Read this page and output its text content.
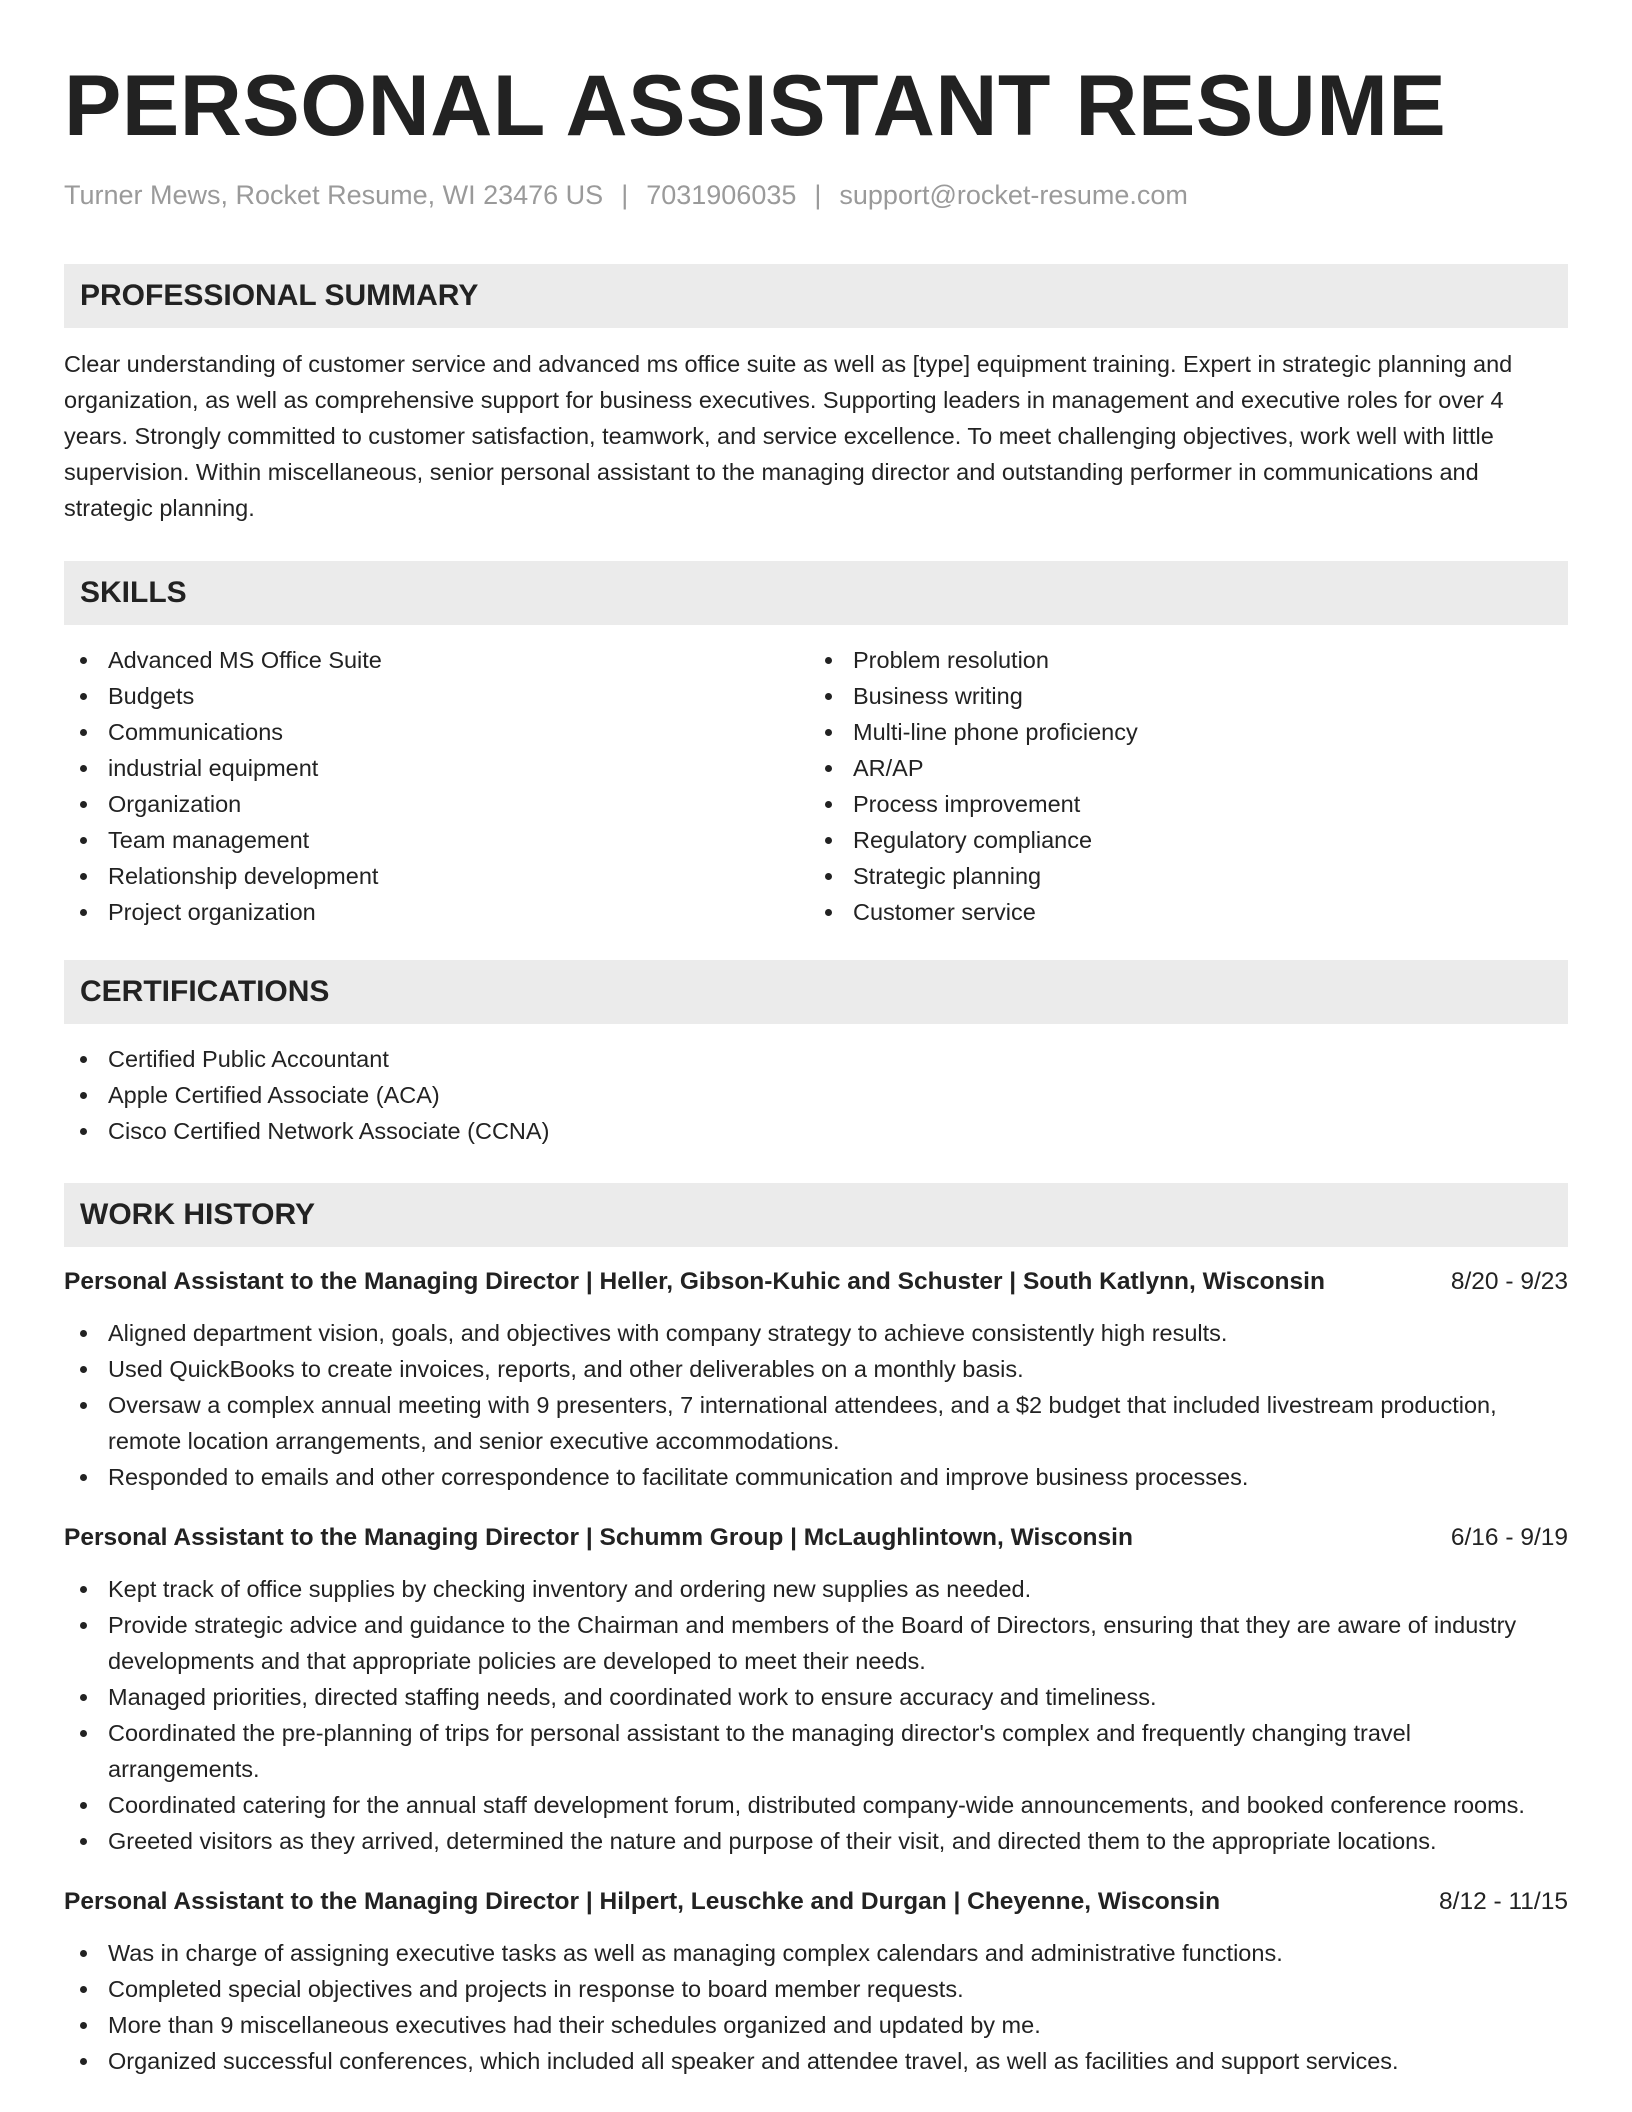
PERSONAL ASSISTANT RESUME
Turner Mews, Rocket Resume, WI 23476 US | 7031906035 | support@rocket-resume.com
PROFESSIONAL SUMMARY

Clear understanding of customer service and advanced ms office suite as well as [type] equipment training. Expert in strategic planning and organization, as well as comprehensive support for business executives. Supporting leaders in management and executive roles for over 4 years. Strongly committed to customer satisfaction, teamwork, and service excellence. To meet challenging objectives, work well with little supervision. Within miscellaneous, senior personal assistant to the managing director and outstanding performer in communications and strategic planning.

SKILLS
Advanced MS Office Suite
Budgets
Communications
industrial equipment
Organization
Team management
Relationship development
Project organization
Problem resolution
Business writing
Multi-line phone proficiency
AR/AP
Process improvement
Regulatory compliance
Strategic planning
Customer service
CERTIFICATIONS
Certified Public Accountant
Apple Certified Associate (ACA)
Cisco Certified Network Associate (CCNA)
WORK HISTORY
Personal Assistant to the Managing Director | Heller, Gibson-Kuhic and Schuster | South Katlynn, Wisconsin	8/20 - 9/23
Aligned department vision, goals, and objectives with company strategy to achieve consistently high results.
Used QuickBooks to create invoices, reports, and other deliverables on a monthly basis.
Oversaw a complex annual meeting with 9 presenters, 7 international attendees, and a $2 budget that included livestream production, remote location arrangements, and senior executive accommodations.
Responded to emails and other correspondence to facilitate communication and improve business processes.
Personal Assistant to the Managing Director | Schumm Group | McLaughlintown, Wisconsin	6/16 - 9/19
Kept track of office supplies by checking inventory and ordering new supplies as needed.
Provide strategic advice and guidance to the Chairman and members of the Board of Directors, ensuring that they are aware of industry developments and that appropriate policies are developed to meet their needs.
Managed priorities, directed staffing needs, and coordinated work to ensure accuracy and timeliness.
Coordinated the pre-planning of trips for personal assistant to the managing director's complex and frequently changing travel arrangements.
Coordinated catering for the annual staff development forum, distributed company-wide announcements, and booked conference rooms.
Greeted visitors as they arrived, determined the nature and purpose of their visit, and directed them to the appropriate locations.
Personal Assistant to the Managing Director | Hilpert, Leuschke and Durgan | Cheyenne, Wisconsin	8/12 - 11/15
Was in charge of assigning executive tasks as well as managing complex calendars and administrative functions.
Completed special objectives and projects in response to board member requests.
More than 9 miscellaneous executives had their schedules organized and updated by me.
Organized successful conferences, which included all speaker and attendee travel, as well as facilities and support services.
